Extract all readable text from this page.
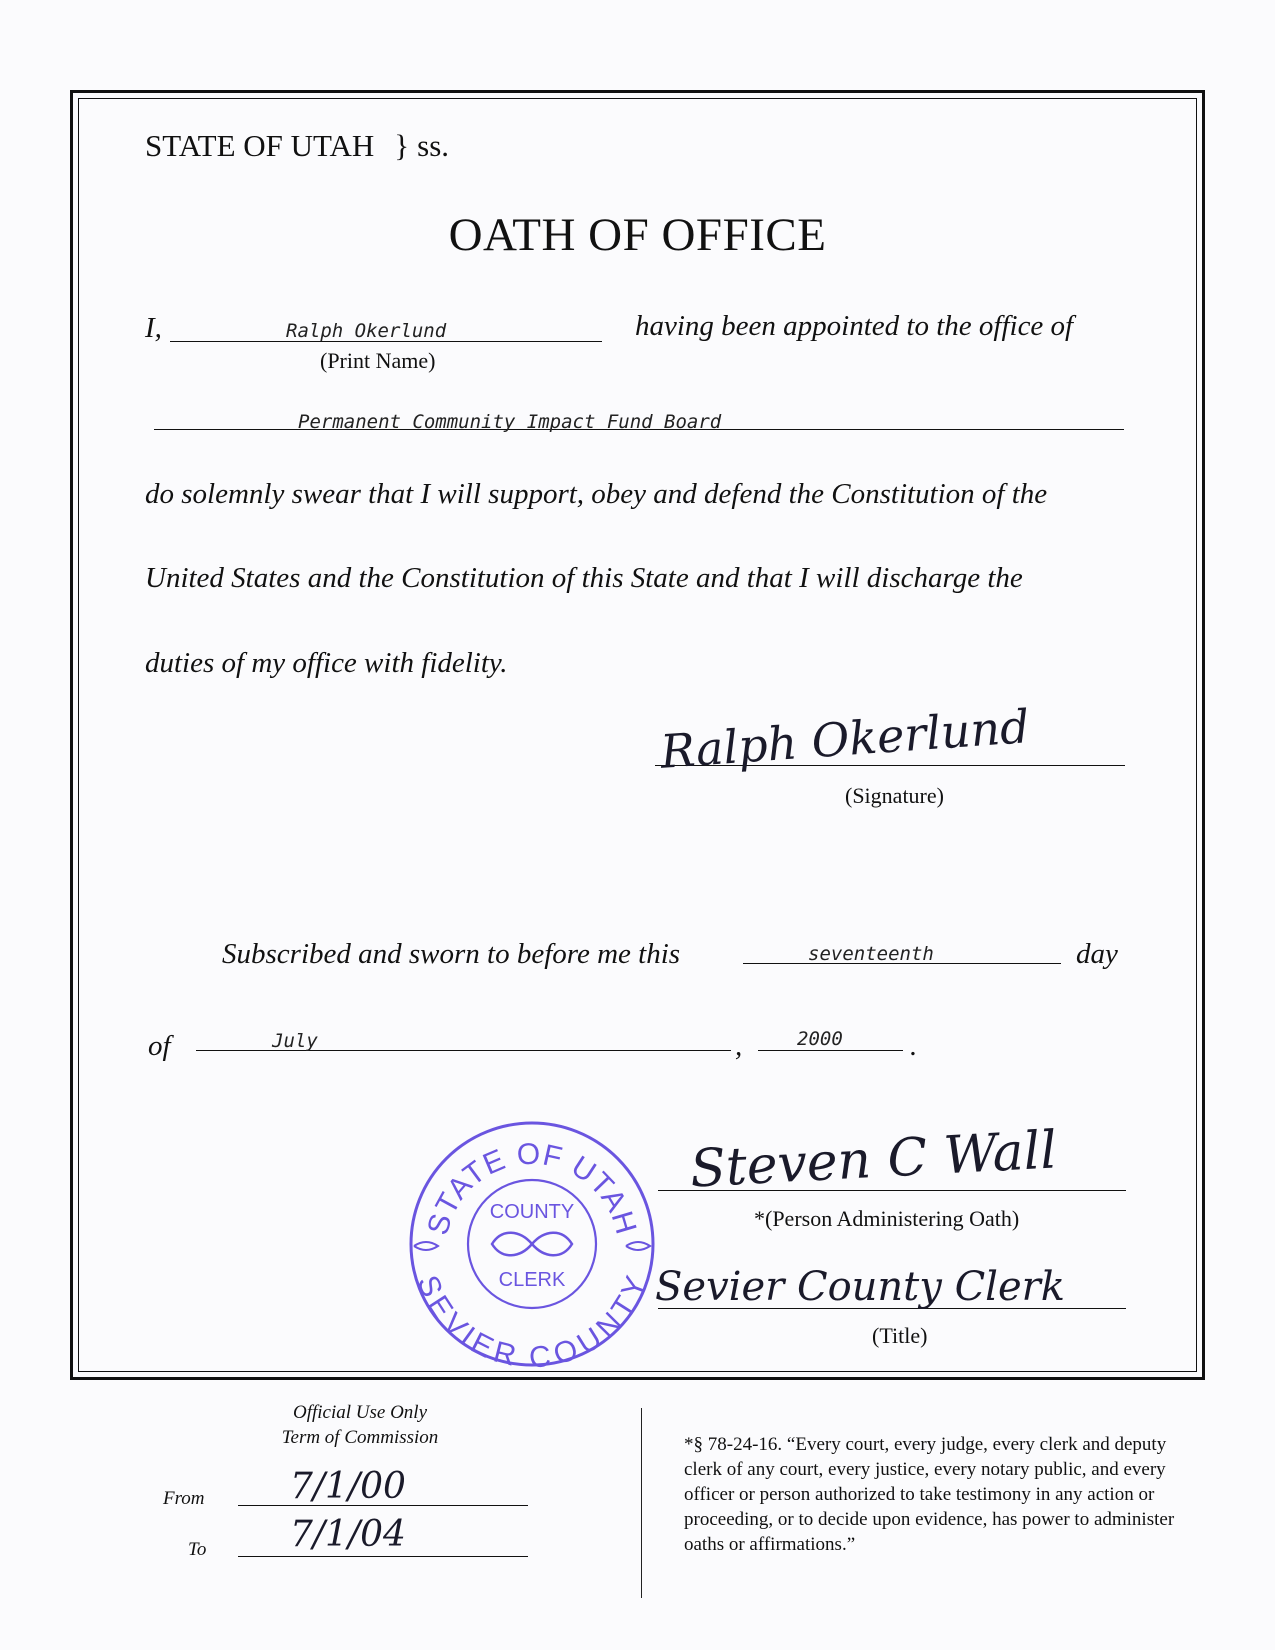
STATE OF UTAH } ss.
OATH OF OFFICE
I,	Ralph Okerlund
(Print Name)
having been appointed to the office of
Permanent Community Impact Fund Board
do solemnly swear that I will support, obey and defend the Constitution of the
United States and the Constitution of this State and that I will discharge the
duties of my office with fidelity.
Ralph Okerlund
(Signature)
Subscribed and sworn to before me this	seventeenth	day
of	July	,	2000 .
STATE OF UTAH
SEVIER COUNTY
COUNTY
CLERK
Steven C Wall
*(Person Administering Oath)
Sevier County Clerk
(Title)
Official Use Only
Term of Commission
From 7/1/00
To 7/1/04
*§ 78-24-16. “Every court, every judge, every clerk and deputy clerk of any court, every justice, every notary public, and every officer or person authorized to take testimony in any action or proceeding, or to decide upon evidence, has power to administer oaths or affirmations.”
